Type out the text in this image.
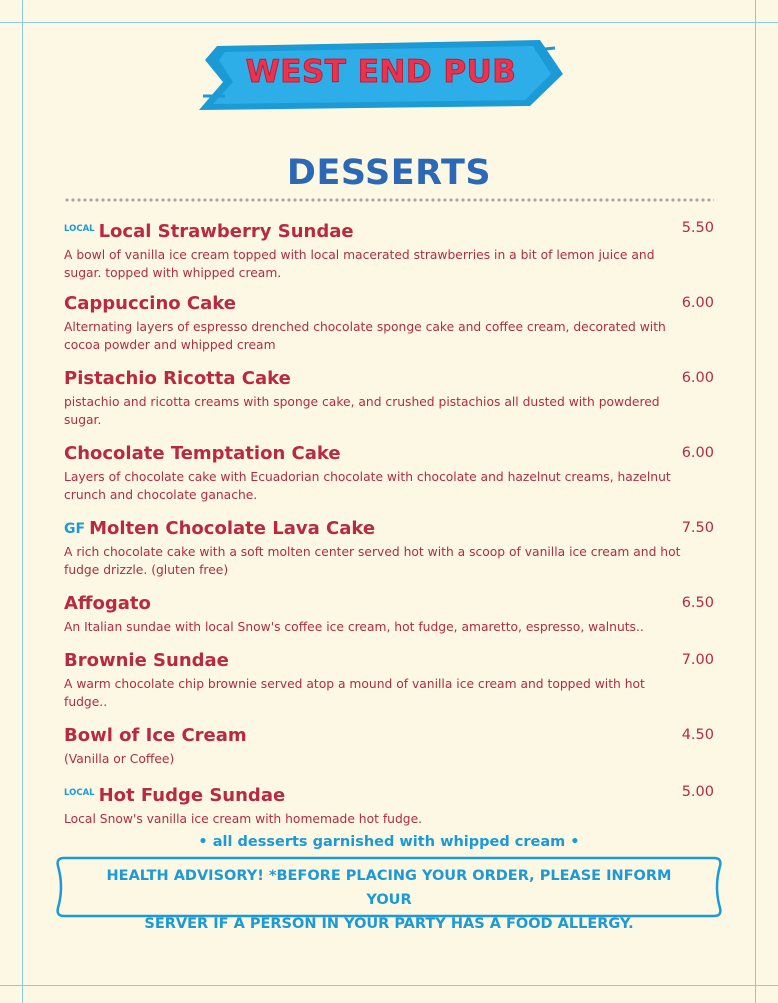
WEST END PUB
DESSERTS
LOCAL Local Strawberry Sundae	5.50
A bowl of vanilla ice cream topped with local macerated strawberries in a bit of lemon juice and sugar. topped with whipped cream.
Cappuccino Cake	6.00
Alternating layers of espresso drenched chocolate sponge cake and coffee cream, decorated with cocoa powder and whipped cream
Pistachio Ricotta Cake	6.00
pistachio and ricotta creams with sponge cake, and crushed pistachios all dusted with powdered sugar.
Chocolate Temptation Cake	6.00
Layers of chocolate cake with Ecuadorian chocolate with chocolate and hazelnut creams, hazelnut crunch and chocolate ganache.
GF Molten Chocolate Lava Cake	7.50
A rich chocolate cake with a soft molten center served hot with a scoop of vanilla ice cream and hot fudge drizzle. (gluten free)
Affogato	6.50
An Italian sundae with local Snow's coffee ice cream, hot fudge, amaretto, espresso, walnuts..
Brownie Sundae	7.00
A warm chocolate chip brownie served atop a mound of vanilla ice cream and topped with hot fudge..
Bowl of Ice Cream	4.50
(Vanilla or Coffee)
LOCAL Hot Fudge Sundae	5.00
Local Snow's vanilla ice cream with homemade hot fudge.
• all desserts garnished with whipped cream •
HEALTH ADVISORY! *BEFORE PLACING YOUR ORDER, PLEASE INFORM YOUR
SERVER IF A PERSON IN YOUR PARTY HAS A FOOD ALLERGY.
